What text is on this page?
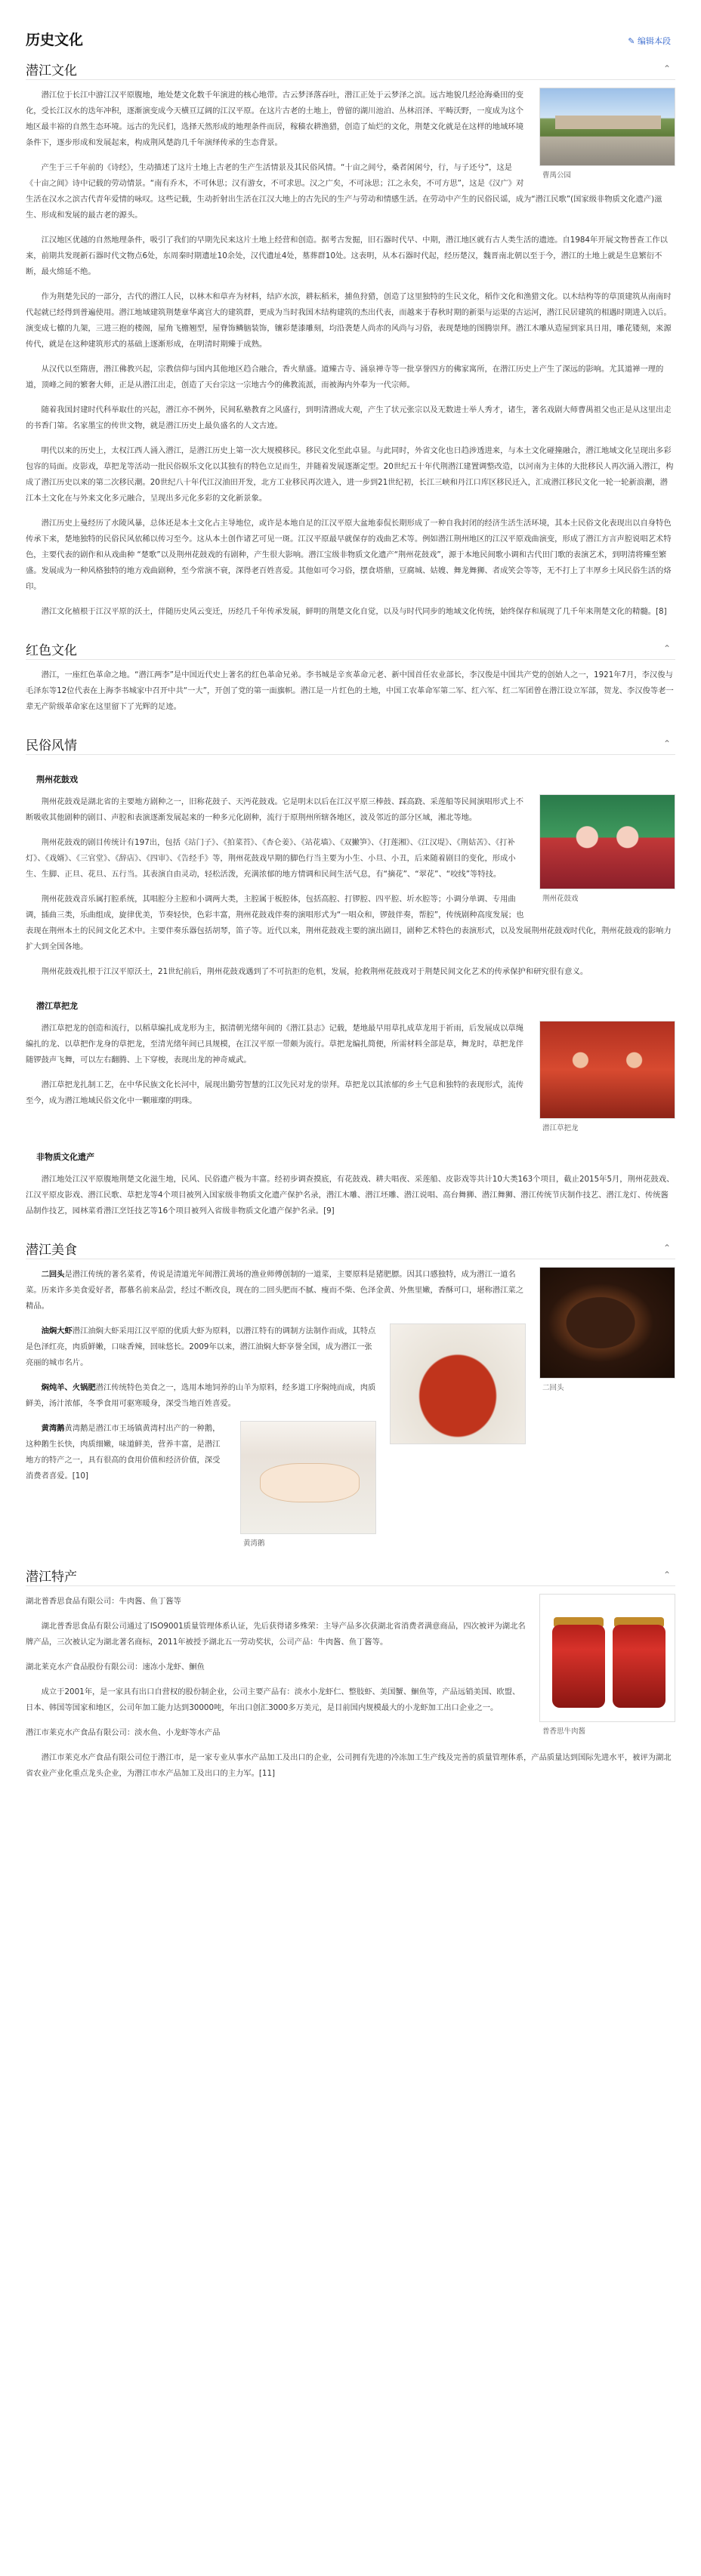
历史文化	✎ 编辑本段
潜江文化	⌃
曹禺公园

潜江位于长江中游江汉平原腹地，地处楚文化数千年演进的核心地带。古云梦泽落吞吐，潜江正处于云梦泽之滨。远古地貌几经沧海桑田的变化，受长江汉水的迭年冲积，逐渐演变成今天横亘辽阔的江汉平原。在这片古老的土地上，曾留的湖川池泊、丛林沼泽、平畴沃野，一度成为这个地区最丰裕的自然生态环境。远古的先民们，选择天然形成的地理条件而居，稼穑农耕渔猎，创造了灿烂的文化，荆楚文化就是在这样的地域环境条件下，逐步形成和发展起来，构成荆风楚韵几千年演绎传承的生态背景。

产生于三千年前的《诗经》，生动描述了这片土地上古老的生产生活情景及其民俗风情。“十亩之间兮，桑者闲闲兮，行，与子还兮”，这是《十亩之间》诗中记载的劳动情景。“南有乔木，不可休思；汉有游女，不可求思。汉之广矣，不可泳思；江之永矣，不可方思”，这是《汉广》对生活在汉水之滨古代青年爱情的咏叹。这些记载，生动折射出生活在江汉大地上的古先民的生产与劳动和情感生活。在劳动中产生的民俗民谣，成为“潜江民歌”(国家级非物质文化遗产)滋生、形成和发展的最古老的源头。

江汉地区优越的自然地理条件，吸引了我们的早期先民来这片土地上经营和创造。据考古发掘，旧石器时代早、中期，潜江地区就有古人类生活的遗迹。自1984年开展文物普查工作以来，前期共发现新石器时代文物点6处，东周秦时期遗址10余处，汉代遗址4处，墓葬群10处。这表明，从本石器时代起，经历楚汉，魏晋南北朝以至于今，潜江的土地上就是生息繁衍不断，最火绵延不绝。

作为荆楚先民的一部分，古代的潜江人民，以林木和草卉为材料，结庐水滨，耕耘稻米，捕鱼狩猎，创造了这里独特的生民文化，稻作文化和渔猎文化。以木结构等的草顶建筑从南南时代起就已经得到普遍使用。潜江地域建筑荆楚章华离宫大的建筑群，更成为当时我国木结构建筑的杰出代表，而越来于春秋时期的新渠与运渠的古运河，潜江民居建筑的相遇时期进入以后。演变成七檩的九架，三进三抱的楼阁，屋角飞檐翘型，屋脊饰鳞脑装饰，镶彩楚漆雕刻，均沿袭楚人尚赤的风尚与习俗，表现楚地的图腾崇拜。潜江木雕从造屋到家具日用，雕花镂刻，来源传代，就是在这种建筑形式的基础上逐渐形成，在明清时期臻于成熟。

从汉代以至隋唐，潜江佛教兴起，宗教信仰与国内其他地区趋合融合，香火鼎盛。道臻古寺、涌泉禅寺等一批享誉四方的佛家寓所，在潜江历史上产生了深远的影响。尤其道禅一理的道，顶峰之间的繁奢大师，正是从潜江出走，创造了天台宗这一宗地古今的佛教流派，而被海内外奉为一代宗师。

随着我国封建时代科举取仕的兴起，潜江亦不例外，民间私塾教育之风盛行，到明清潜成大观，产生了状元张宗以及无数进士举人秀才，诸生，著名戏剧大师曹禺祖父也正是从这里出走的书香门第。名家墨宝的传世文物，就是潜江历史上最负盛名的人文古迹。

明代以来的历史上，太权江西人涌入潜江，是潜江历史上第一次大规模移民。移民文化至此卓显。与此同时，外省文化也日趋涉透进来，与本土文化碰撞融合，潜江地域文化呈现出多彩包容的局面。皮影戏，草把龙等活动一批民俗娱乐文化以其独有的特色立足而生，并随着发展逐渐定型。20世纪五十年代荆潜江建置调整改造，以河南为主体的大批移民人再次涌入潜江，构成了潜江历史以来的第二次移民潮。20世纪八十年代江汉油田开发，北方工业移民再次进入，进一步到21世纪初，长江三峡和丹江口库区移民迁入，汇成潜江移民文化一轮一轮新浪潮，潜江本土文化在与外来文化多元融合，呈现出多元化多彩的文化新景象。

潜江历史上曼经历了水陵风暴，总体还是本土文化占主导地位，或许是本地自足的江汉平原大盆地泰侃长期形成了一种自我封闭的经济生活生活环境，其本土民俗文化表现出以自身特色传承下来，楚地独特的民俗民风依稀以传习至今。这从本土创作诸艺可见一斑。江汉平原最早就保存的戏曲艺术等。例如潜江荆州地区的江汉平原戏曲演变，形成了潜江方言声腔说唱艺术特色，主要代表的剧作和从戏曲种 “楚歌”以及荆州花鼓戏的有剧种，产生很大影响。潜江宝级非物质文化遗产“荆州花鼓戏”，源于本地民间歌小调和古代田门歌的表演艺术，到明清将臻至繁盛。发展成为一种风格独特的地方戏曲剧种，至今常演不衰，深得老百姓喜爱。其他如可令习俗，摆食塔鼎，豆腐城、姑嫂、舞龙舞狮、者成笑会等等，无不打上了丰厚乡土风民俗生活的烙印。

潜江文化植根于江汉平原的沃土，伴随历史风云变迁，历经几千年传承发展，鲜明的荆楚文化自觉，以及与时代同步的地域文化传统，始终保存和展现了几千年来荆楚文化的精髓。[8]

红色文化	⌃

潜江，一座红色革命之地。“潜江两李”是中国近代史上著名的红色革命兄弟。李书城是辛亥革命元老、新中国首任农业部长，李汉俊是中国共产党的创始人之一，1921年7月，李汉俊与毛泽东等12位代表在上海李书城家中召开中共“一大”，开创了党的第一面旗帜。潜江是一片红色的土地，中国工农革命军第二军、红六军、红二军团曾在潜江设立军部，贺龙、李汉俊等老一辈无产阶级革命家在这里留下了光辉的足迹。

民俗风情	⌃
荆州花鼓戏
荆州花鼓戏

荆州花鼓戏是湖北省的主要地方剧种之一，旧称花鼓子、天沔花鼓戏。它是明末以后在江汉平原三棒鼓、踩高跷、采莲船等民间演唱形式上不断吸收其他剧种的剧目、声腔和表演逐渐发展起来的一种多元化剧种，流行于原荆州所辖各地区，波及邻近的部分区域，湘北等地。

荆州花鼓戏的剧目传统计有197出，包括《站门子》、《拍菜苔》、《杏仑姜》、《站花墙》、《双撇笋》、《打莲湘》、《江汉堤》、《荆姑苦》、《打补灯》、《戏婿》、《三官堂》、《辞店》、《四审》、《告经手》等，荆州花鼓戏早期的脚色行当主要为小生、小旦、小丑，后来随着剧目的变化，形成小生、生脚、正旦、花旦、五行当。其表演自由灵动，轻松活泼，充满浓郁的地方情调和民间生活气息，有“摘花”、“翠花”、“咬线”等特技。

荆州花鼓戏音乐属打腔系统，其唱腔分主腔和小调两大类，主腔属于板腔体，包括高腔、打锣腔、四平腔、圻水腔等；小调分单调、专用曲调，插曲三类，乐曲组成，旋律优美，节奏轻快，色彩丰富，荆州花鼓戏伴奏的演唱形式为“一唱众和，锣鼓伴奏，帮腔”，传统剧种高度发展；也表现在荆州本土的民间文化艺术中。主要伴奏乐器包括胡琴，笛子等。近代以来，荆州花鼓戏主要的演出剧目，剧种艺术特色的表演形式，以及发展荆州花鼓戏时代化，荆州花鼓戏的影响力扩大到全国各地。

荆州花鼓戏扎根于江汉平原沃土，21世纪前后，荆州花鼓戏遇到了不可抗拒的危机，发展，抢救荆州花鼓戏对于荆楚民间文化艺术的传承保护和研究很有意义。

潜江草把龙
潜江草把龙

潜江草把龙的创造和流行，以稻草编扎成龙形为主，据清朝光绪年间的《潜江县志》记载，楚地最早用草扎成草龙用于祈雨，后发展成以草绳编扎的龙、以草把作龙身的草把龙，至清光绪年间已具规模，在江汉平原一带颇为流行。草把龙编扎简便，所需材料全部是草，舞龙时，草把龙伴随锣鼓声飞舞，可以左右翻腾、上下穿梭，表现出龙的神奇威武。

潜江草把龙扎制工艺，在中华民族文化长河中，展现出勤劳智慧的江汉先民对龙的崇拜。草把龙以其浓郁的乡土气息和独特的表现形式，流传至今，成为潜江地域民俗文化中一颗璀璨的明珠。

非物质文化遗产

潜江地处江汉平原腹地荆楚文化滋生地，民风、民俗遗产极为丰富。经初步调查摸底，有花鼓戏、耕夫唱夜、采莲船、皮影戏等共计10大类163个项目，截止2015年5月，荆州花鼓戏、江汉平原皮影戏、潜江民歌、草把龙等4个项目被列入国家级非物质文化遗产保护名录，潜江木雕、潜江坯雕、潜江说唱、高台舞狮、潜江舞狮、潜江传统节庆制作技艺、潜江龙灯、传统酱品制作技艺，园林菜肴潜江烹饪技艺等16个项目被列入省级非物质文化遗产保护名录。[9]

潜江美食	⌃
二回头

二回头是潜江传统的著名菜肴，传说是清道光年间潜江黄场的渔业师傅创制的一道菜，主要原料是猪肥膘。因其口感独特，成为潜江一道名菜。历来许多美食爱好者，都慕名前来品尝，经过不断改良，现在的二回头肥而不腻、瘦而不柴、色泽金黄、外焦里嫩，香酥可口，堪称潜江菜之精品。

油焖大虾潜江油焖大虾采用江汉平原的优质大虾为原料，以潜江特有的调制方法制作而成，其特点是色泽红亮，肉质鲜嫩，口味香辣，回味悠长。2009年以来，潜江油焖大虾享誉全国，成为潜江一张亮丽的城市名片。

焖炖羊、火锅肥潜江传统特色美食之一，选用本地饲养的山羊为原料，经多道工序焖炖而成，肉质鲜美，汤汁浓郁，冬季食用可驱寒暖身，深受当地百姓喜爱。

黄湾鹅

黄湾鹅黄湾鹅是潜江市王场镇黄湾村出产的一种鹅，这种鹅生长快，肉质细嫩，味道鲜美，营养丰富，是潜江地方的特产之一，具有很高的食用价值和经济价值，深受消费者喜爱。[10]

潜江特产	⌃
普香思牛肉酱

湖北普香思食品有限公司：牛肉酱、鱼丁酱等

湖北普香思食品有限公司通过了ISO9001质量管理体系认证，先后获得诸多殊荣：主导产品多次获湖北省消费者满意商品，四次被评为湖北名牌产品，三次被认定为湖北著名商标，2011年被授予湖北五一劳动奖状，公司产品：牛肉酱、鱼丁酱等。

湖北莱克水产食品股份有限公司：速冻小龙虾、鮰鱼

成立于2001年，是一家具有出口自营权的股份制企业，公司主要产品有：淡水小龙虾仁、整肢虾、美国蟹、鮰鱼等，产品远销美国、欧盟、日本、韩国等国家和地区，公司年加工能力达到30000吨，年出口创汇3000多万美元，是目前国内规模最大的小龙虾加工出口企业之一。

潜江市莱克水产食品有限公司：淡水鱼、小龙虾等水产品

潜江市莱克水产食品有限公司位于潜江市，是一家专业从事水产品加工及出口的企业，公司拥有先进的冷冻加工生产线及完善的质量管理体系，产品质量达到国际先进水平，被评为湖北省农业产业化重点龙头企业，为潜江市水产品加工及出口的主力军。[11]
